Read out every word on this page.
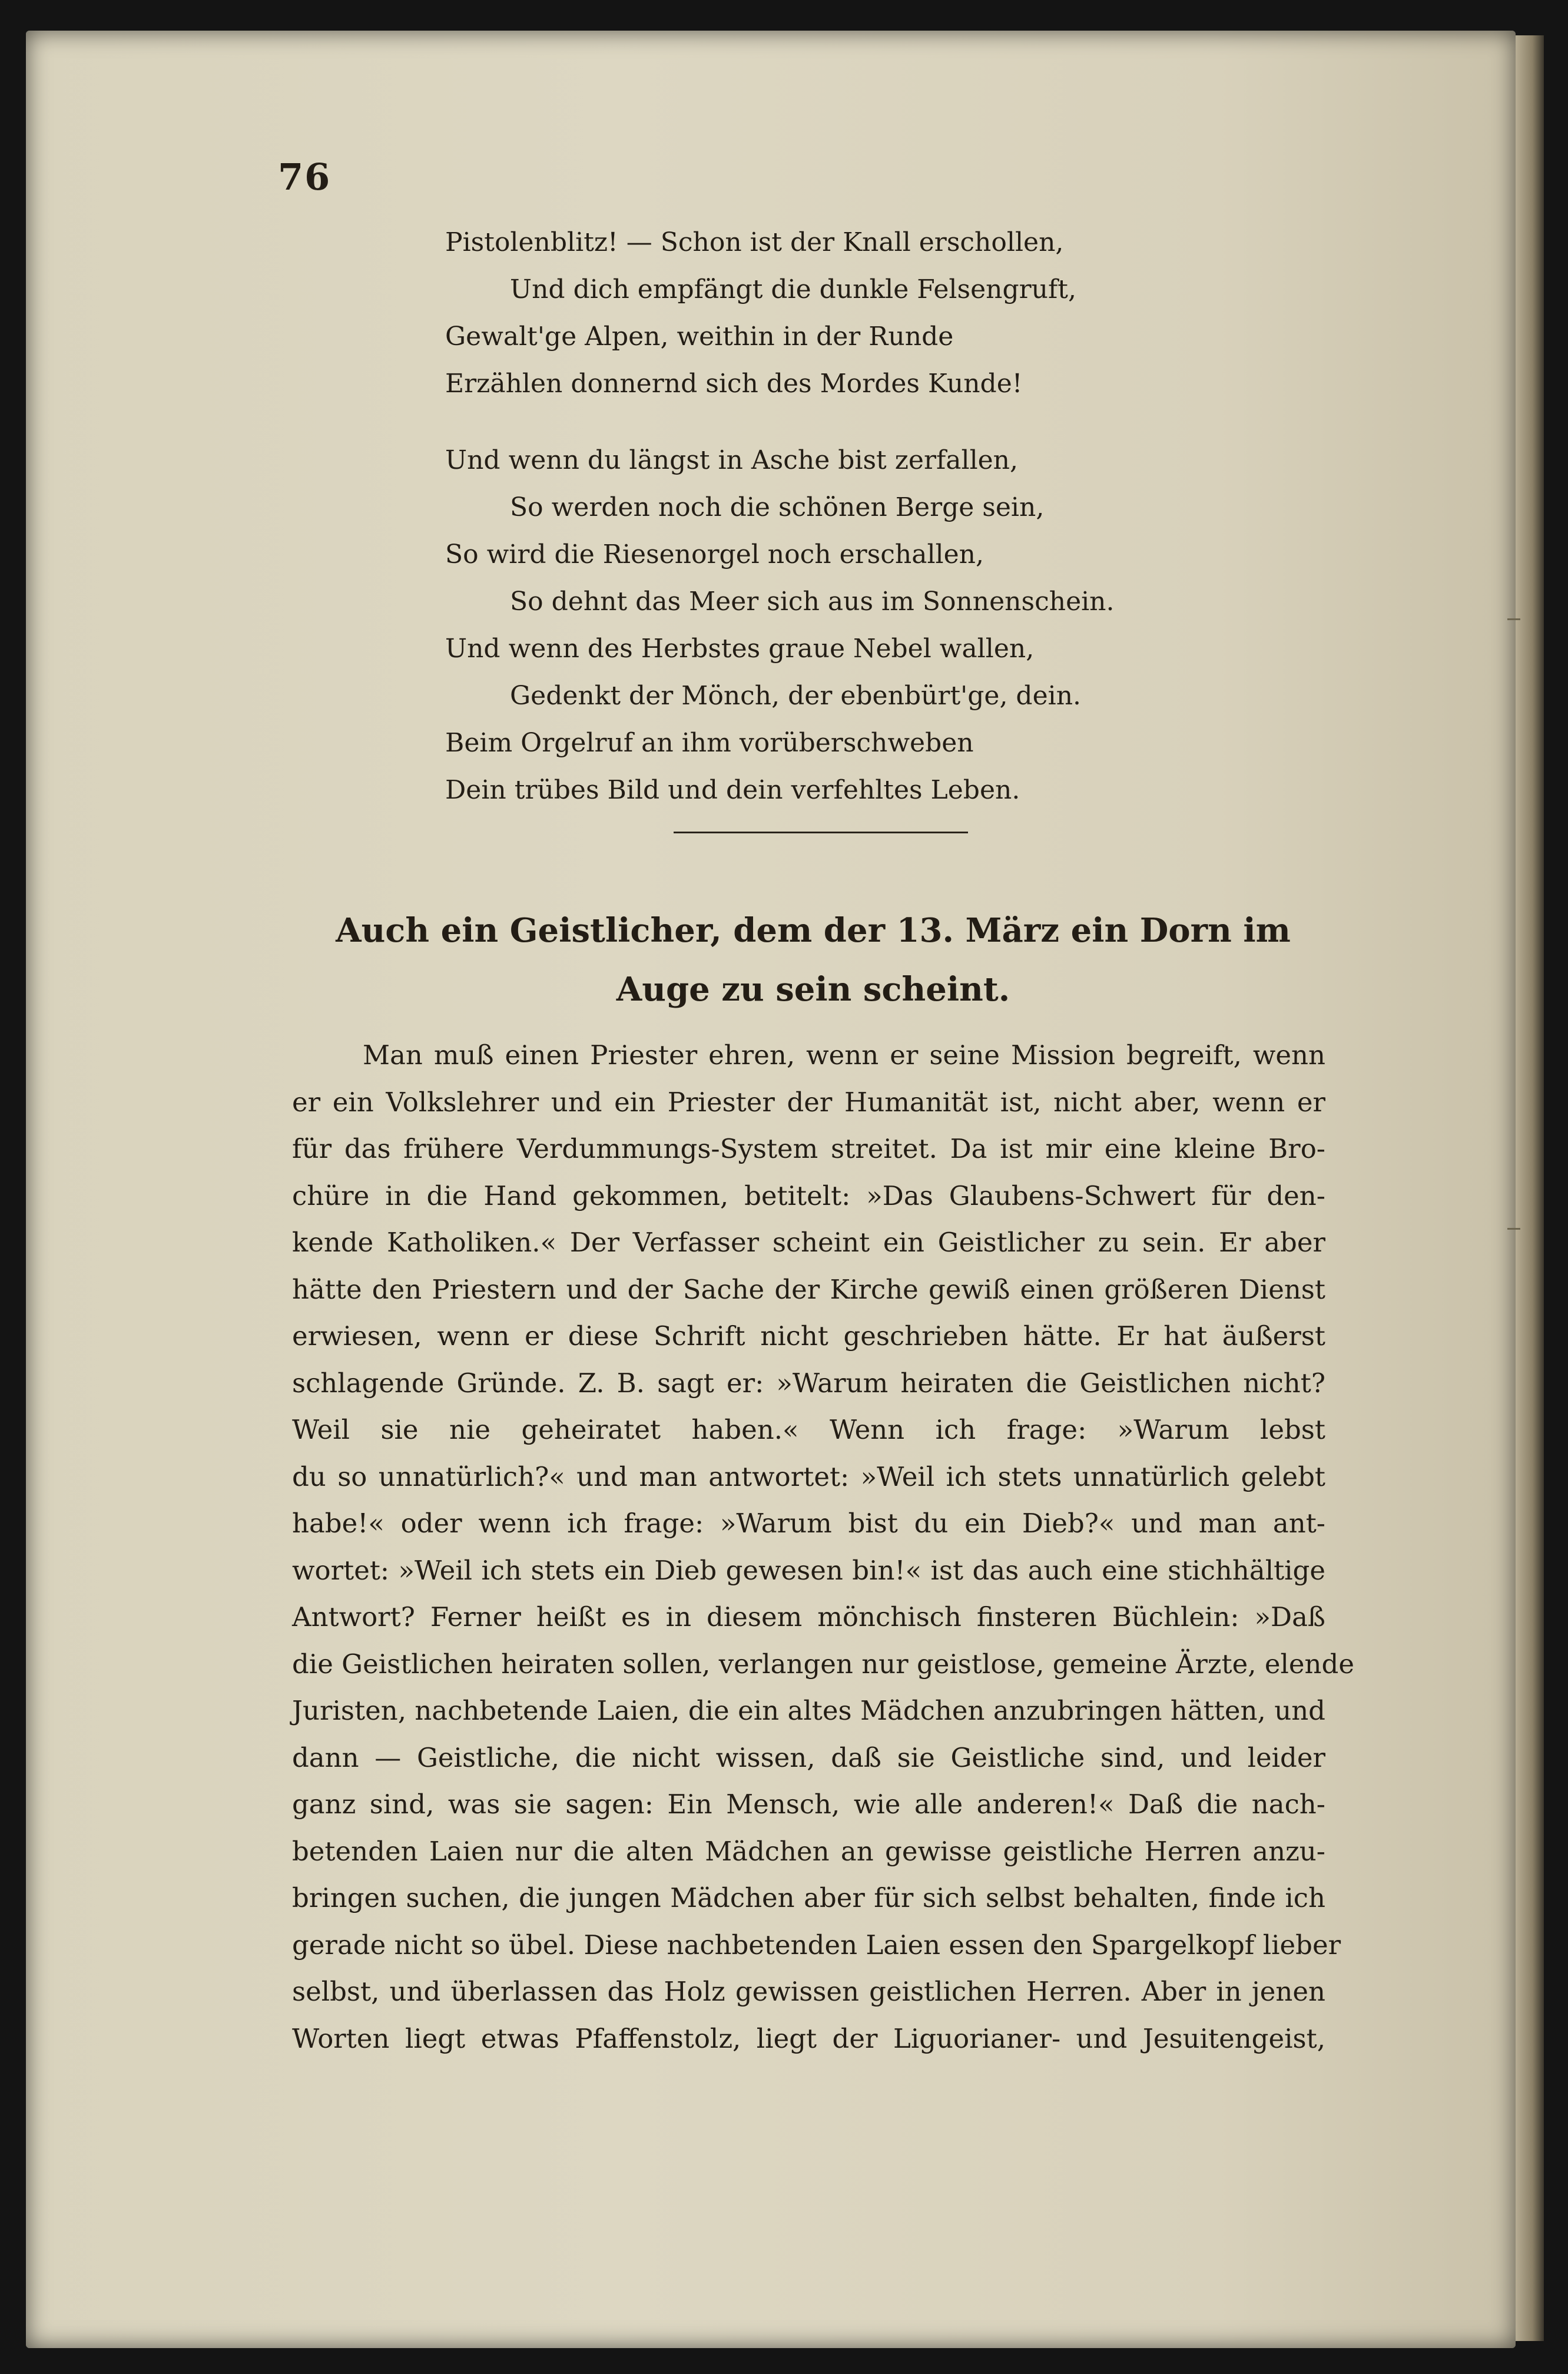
76
Pistolenblitz! — Schon ist der Knall erschollen,
Und dich empfängt die dunkle Felsengruft,
Gewalt'ge Alpen, weithin in der Runde
Erzählen donnernd sich des Mordes Kunde!
Und wenn du längst in Asche bist zerfallen,
So werden noch die schönen Berge sein,
So wird die Riesenorgel noch erschallen,
So dehnt das Meer sich aus im Sonnenschein.
Und wenn des Herbstes graue Nebel wallen,
Gedenkt der Mönch, der ebenbürt'ge, dein.
Beim Orgelruf an ihm vorüberschweben
Dein trübes Bild und dein verfehltes Leben.
Auch ein Geistlicher, dem der 13. März ein Dorn im
Auge zu sein scheint.
Man muß einen Priester ehren, wenn er seine Mission begreift, wenn
er ein Volkslehrer und ein Priester der Humanität ist, nicht aber, wenn er
für das frühere Verdummungs-System streitet. Da ist mir eine kleine Bro-
chüre in die Hand gekommen, betitelt: »Das Glaubens-Schwert für den-
kende Katholiken.« Der Verfasser scheint ein Geistlicher zu sein. Er aber
hätte den Priestern und der Sache der Kirche gewiß einen größeren Dienst
erwiesen, wenn er diese Schrift nicht geschrieben hätte. Er hat äußerst
schlagende Gründe. Z. B. sagt er: »Warum heiraten die Geistlichen nicht?
Weil sie nie geheiratet haben.« Wenn ich frage: »Warum lebst
du so unnatürlich?« und man antwortet: »Weil ich stets unnatürlich gelebt
habe!« oder wenn ich frage: »Warum bist du ein Dieb?« und man ant-
wortet: »Weil ich stets ein Dieb gewesen bin!« ist das auch eine stichhältige
Antwort? Ferner heißt es in diesem mönchisch finsteren Büchlein: »Daß
die Geistlichen heiraten sollen, verlangen nur geistlose, gemeine Ärzte, elende
Juristen, nachbetende Laien, die ein altes Mädchen anzubringen hätten, und
dann — Geistliche, die nicht wissen, daß sie Geistliche sind, und leider
ganz sind, was sie sagen: Ein Mensch, wie alle anderen!« Daß die nach-
betenden Laien nur die alten Mädchen an gewisse geistliche Herren anzu-
bringen suchen, die jungen Mädchen aber für sich selbst behalten, finde ich
gerade nicht so übel. Diese nachbetenden Laien essen den Spargelkopf lieber
selbst, und überlassen das Holz gewissen geistlichen Herren. Aber in jenen
Worten liegt etwas Pfaffenstolz, liegt der Liguorianer- und Jesuitengeist,
